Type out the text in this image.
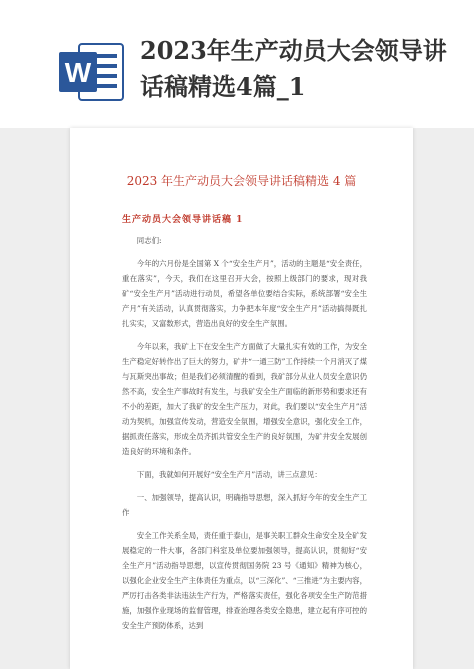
W
2023年生产动员大会领导讲话稿精选4篇_1
2023 年生产动员大会领导讲话稿精选 4 篇
生产动员大会领导讲话稿 1

同志们:

今年的六月份是全国第 X 个“安全生产月”，活动的主题是“安全责任，重在落实”，今天，我们在这里召开大会，按照上级部门的要求，现对我矿“安全生产月”活动进行动员，希望各单位要结合实际，系统部署“安全生产月”有关活动，认真贯彻落实，力争把本年度“安全生产月”活动搞得既扎扎实实，又富数形式，营造出良好的安全生产氛围。

今年以来，我矿上下在安全生产方面做了大量扎实有效的工作，为安全生产稳定好转作出了巨大的努力，矿井“一通三防”工作持续一个月消灭了煤与瓦斯突出事故；但是我们必须清醒的看到，我矿部分从业人员安全意识仍然不高，安全生产事故时有发生，与我矿安全生产面临的新形势和要求还有不小的差距，加大了我矿的安全生产压力，对此，我们要以“安全生产月”活动为契机，加强宣传发动，营造安全氛围，增强安全意识，强化安全工作，据抓责任落实，形成全员齐抓共管安全生产的良好氛围，为矿井安全发展创造良好的环境和条件。

下面，我就如何开展好“安全生产月”活动，讲三点意见：

一、加强领导，提高认识，明确指导思想，深入抓好今年的安全生产工作

安全工作关系全局，责任重于泰山，是事关职工群众生命安全及全矿发展稳定的一件大事，各部门科室及单位要加强领导，提高认识，贯彻好“安全生产月”活动指导思想，以宣传贯彻国务院 23 号《通知》精神为核心，以强化企业安全生产主体责任为重点，以“三深化”、“三推进”为主要内容，严厉打击各类非法违法生产行为，严格落实责任，强化各项安全生产防范措施，加强作业现场的监督管理，排查治理各类安全隐患，建立起有序可控的安全生产预防体系，达到
